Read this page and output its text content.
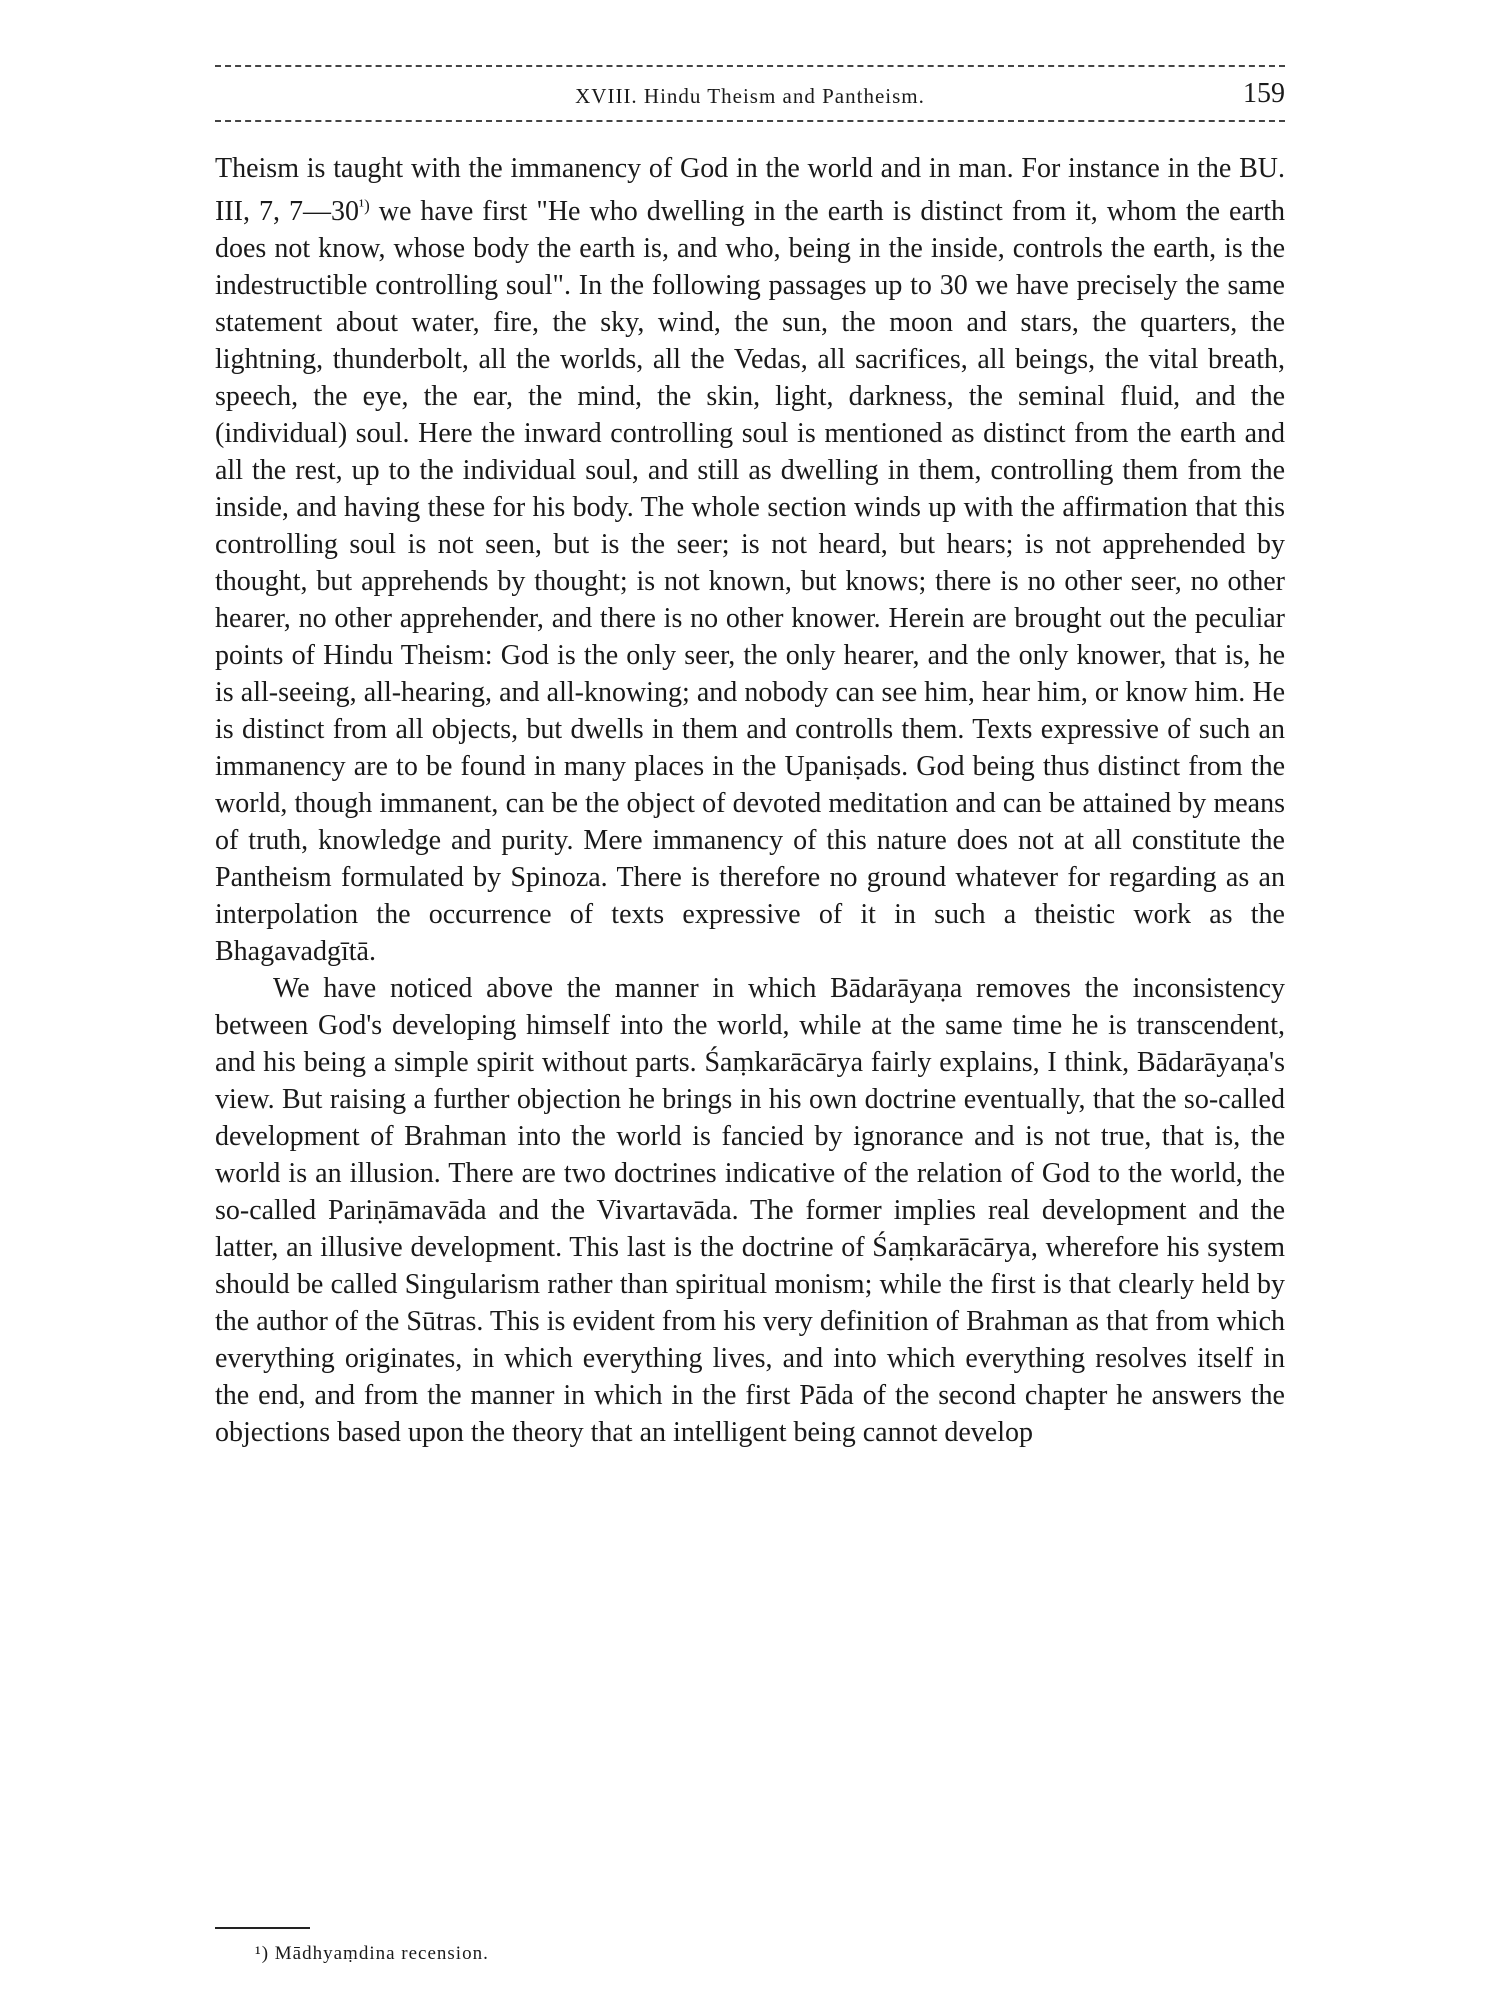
XVIII. Hindu Theism and Pantheism.	159

Theism is taught with the immanency of God in the world and in man. For instance in the BU. III, 7, $7—30^{^1)}$ we have first "He who dwelling in the earth is distinct from it, whom the earth does not know, whose body the earth is, and who, being in the inside, controls the earth, is the indestructible controlling soul". In the following passages up to 30 we have precisely the same statement about water, fire, the sky, wind, the sun, the moon and stars, the quarters, the lightning, thunderbolt, all the worlds, all the Vedas, all sacrifices, all beings, the vital breath, speech, the eye, the ear, the mind, the skin, light, darkness, the seminal fluid, and the (individual) soul. Here the inward controlling soul is mentioned as distinct from the earth and all the rest, up to the individual soul, and still as dwelling in them, controlling them from the inside, and having these for his body. The whole section winds up with the affirmation that this controlling soul is not seen, but is the seer; is not heard, but hears; is not apprehended by thought, but apprehends by thought; is not known, but knows; there is no other seer, no other hearer, no other apprehender, and there is no other knower. Herein are brought out the peculiar points of Hindu Theism: God is the only seer, the only hearer, and the only knower, that is, he is all-seeing, all-hearing, and all-knowing; and nobody can see him, hear him, or know him. He is distinct from all objects, but dwells in them and controlls them. Texts expressive of such an immanency are to be found in many places in the Upaniṣads. God being thus distinct from the world, though immanent, can be the object of devoted meditation and can be attained by means of truth, knowledge and purity. Mere immanency of this nature does not at all constitute the Pantheism formulated by Spinoza. There is therefore no ground whatever for regarding as an interpolation the occurrence of texts expressive of it in such a theistic work as the Bhagavadgītā.

We have noticed above the manner in which Bādarāyaṇa removes the inconsistency between God's developing himself into the world, while at the same time he is transcendent, and his being a simple spirit without parts. Śaṃkarācārya fairly explains, I think, Bādarāyaṇa's view. But raising a further objection he brings in his own doctrine eventually, that the so-called development of Brahman into the world is fancied by ignorance and is not true, that is, the world is an illusion. There are two doctrines indicative of the relation of God to the world, the so-called Pariṇāmavāda and the Vivartavāda. The former implies real development and the latter, an illusive development. This last is the doctrine of Śaṃkarācārya, wherefore his system should be called Singularism rather than spiritual monism; while the first is that clearly held by the author of the Sūtras. This is evident from his very definition of Brahman as that from which everything originates, in which everything lives, and into which everything resolves itself in the end, and from the manner in which in the first Pāda of the second chapter he answers the objections based upon the theory that an intelligent being cannot develop

¹) Mādhyaṃdina recension.
